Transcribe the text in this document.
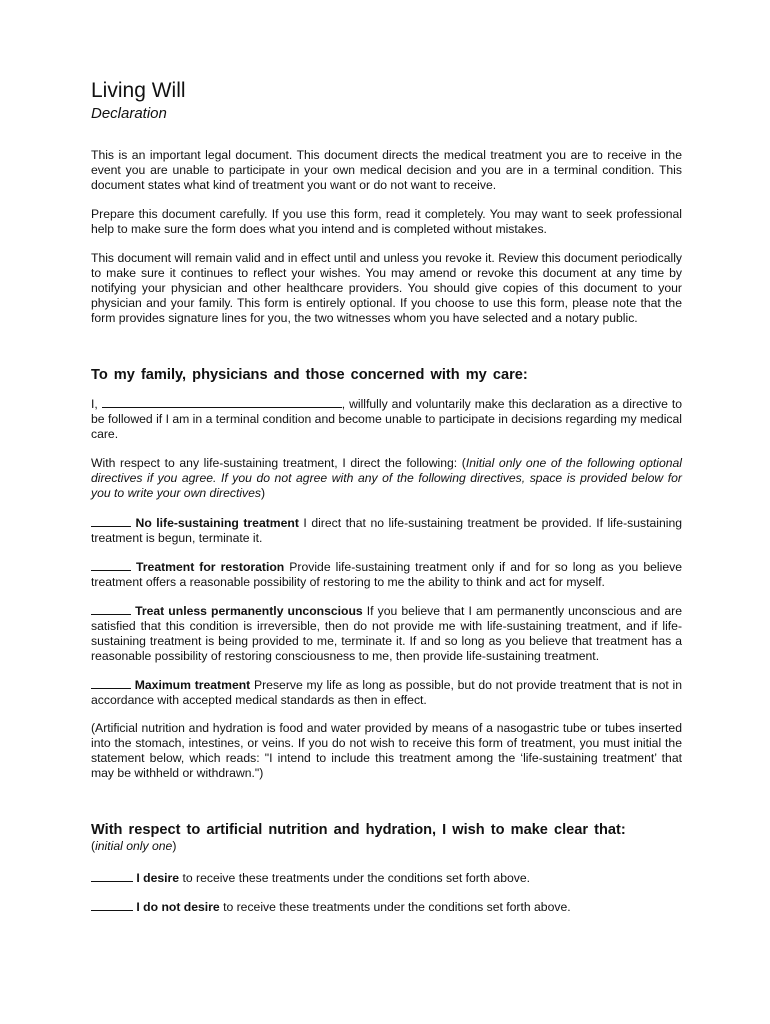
Living Will
Declaration

This is an important legal document. This document directs the medical treatment you are to receive in the event you are unable to participate in your own medical decision and you are in a terminal condition. This document states what kind of treatment you want or do not want to receive.

Prepare this document carefully. If you use this form, read it completely. You may want to seek professional help to make sure the form does what you intend and is completed without mistakes.

This document will remain valid and in effect until and unless you revoke it. Review this document periodically to make sure it continues to reflect your wishes. You may amend or revoke this document at any time by notifying your physician and other healthcare providers. You should give copies of this document to your physician and your family. This form is entirely optional. If you choose to use this form, please note that the form provides signature lines for you, the two witnesses whom you have selected and a notary public.

To my family, physicians and those concerned with my care:

I,	, willfully and voluntarily make this declaration as a directive to be followed if I am in a terminal condition and become unable to participate in decisions regarding my medical care.

With respect to any life-sustaining treatment, I direct the following: (Initial only one of the following optional directives if you agree. If you do not agree with any of the following directives, space is provided below for you to write your own directives)

No life-sustaining treatment I direct that no life-sustaining treatment be provided. If life-sustaining treatment is begun, terminate it.

Treatment for restoration Provide life-sustaining treatment only if and for so long as you believe treatment offers a reasonable possibility of restoring to me the ability to think and act for myself.

Treat unless permanently unconscious If you believe that I am permanently unconscious and are satisfied that this condition is irreversible, then do not provide me with life-sustaining treatment, and if life-sustaining treatment is being provided to me, terminate it. If and so long as you believe that treatment has a reasonable possibility of restoring consciousness to me, then provide life-sustaining treatment.

Maximum treatment Preserve my life as long as possible, but do not provide treatment that is not in accordance with accepted medical standards as then in effect.

(Artificial nutrition and hydration is food and water provided by means of a nasogastric tube or tubes inserted into the stomach, intestines, or veins. If you do not wish to receive this form of treatment, you must initial the statement below, which reads: "I intend to include this treatment among the ‘life-sustaining treatment’ that may be withheld or withdrawn.")

With respect to artificial nutrition and hydration, I wish to make clear that:
(initial only one)

I desire to receive these treatments under the conditions set forth above.

I do not desire to receive these treatments under the conditions set forth above.
